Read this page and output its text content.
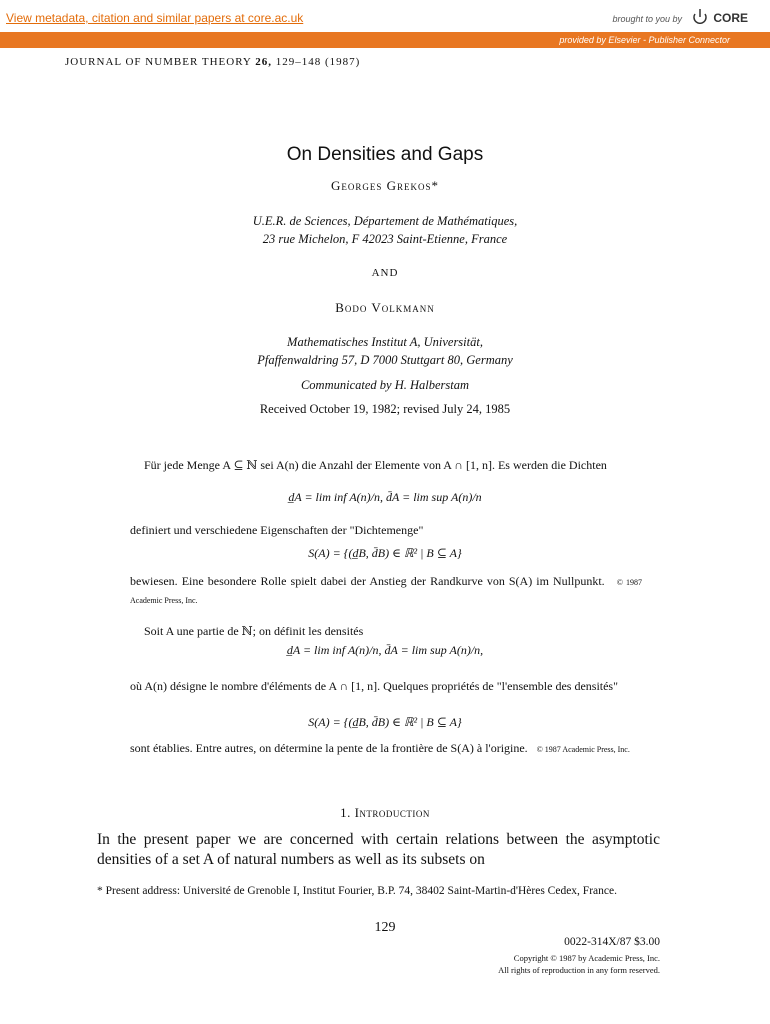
View metadata, citation and similar papers at core.ac.uk	brought to you by	CORE
provided by Elsevier - Publisher Connector
JOURNAL OF NUMBER THEORY 26, 129–148 (1987)
On Densities and Gaps
Georges Grekos*
U.E.R. de Sciences, Département de Mathématiques,
23 rue Michelon, F 42023 Saint-Etienne, France
AND
Bodo Volkmann
Mathematisches Institut A, Universität,
Pfaffenwaldring 57, D 7000 Stuttgart 80, Germany
Communicated by H. Halberstam
Received October 19, 1982; revised July 24, 1985
Für jede Menge A ⊆ ℕ sei A(n) die Anzahl der Elemente von A ∩ [1, n]. Es werden die Dichten
d̲A = lim inf A(n)/n, d̄A = lim sup A(n)/n
definiert und verschiedene Eigenschaften der "Dichtemenge"
S(A) = {(d̲B, d̄B) ∈ ℝ² | B ⊆ A}
bewiesen. Eine besondere Rolle spielt dabei der Anstieg der Randkurve von S(A) im Nullpunkt. © 1987 Academic Press, Inc.
Soit A une partie de ℕ; on définit les densités
d̲A = lim inf A(n)/n, d̄A = lim sup A(n)/n,
où A(n) désigne le nombre d'éléments de A ∩ [1, n]. Quelques propriétés de "l'ensemble des densités"
S(A) = {(d̲B, d̄B) ∈ ℝ² | B ⊆ A}
sont établies. Entre autres, on détermine la pente de la frontière de S(A) à l'origine. © 1987 Academic Press, Inc.
1. Introduction
In the present paper we are concerned with certain relations between the asymptotic densities of a set A of natural numbers as well as its subsets on
* Present address: Université de Grenoble I, Institut Fourier, B.P. 74, 38402 Saint-Martin-d'Hères Cedex, France.
129
0022-314X/87 $3.00
Copyright © 1987 by Academic Press, Inc.
All rights of reproduction in any form reserved.
